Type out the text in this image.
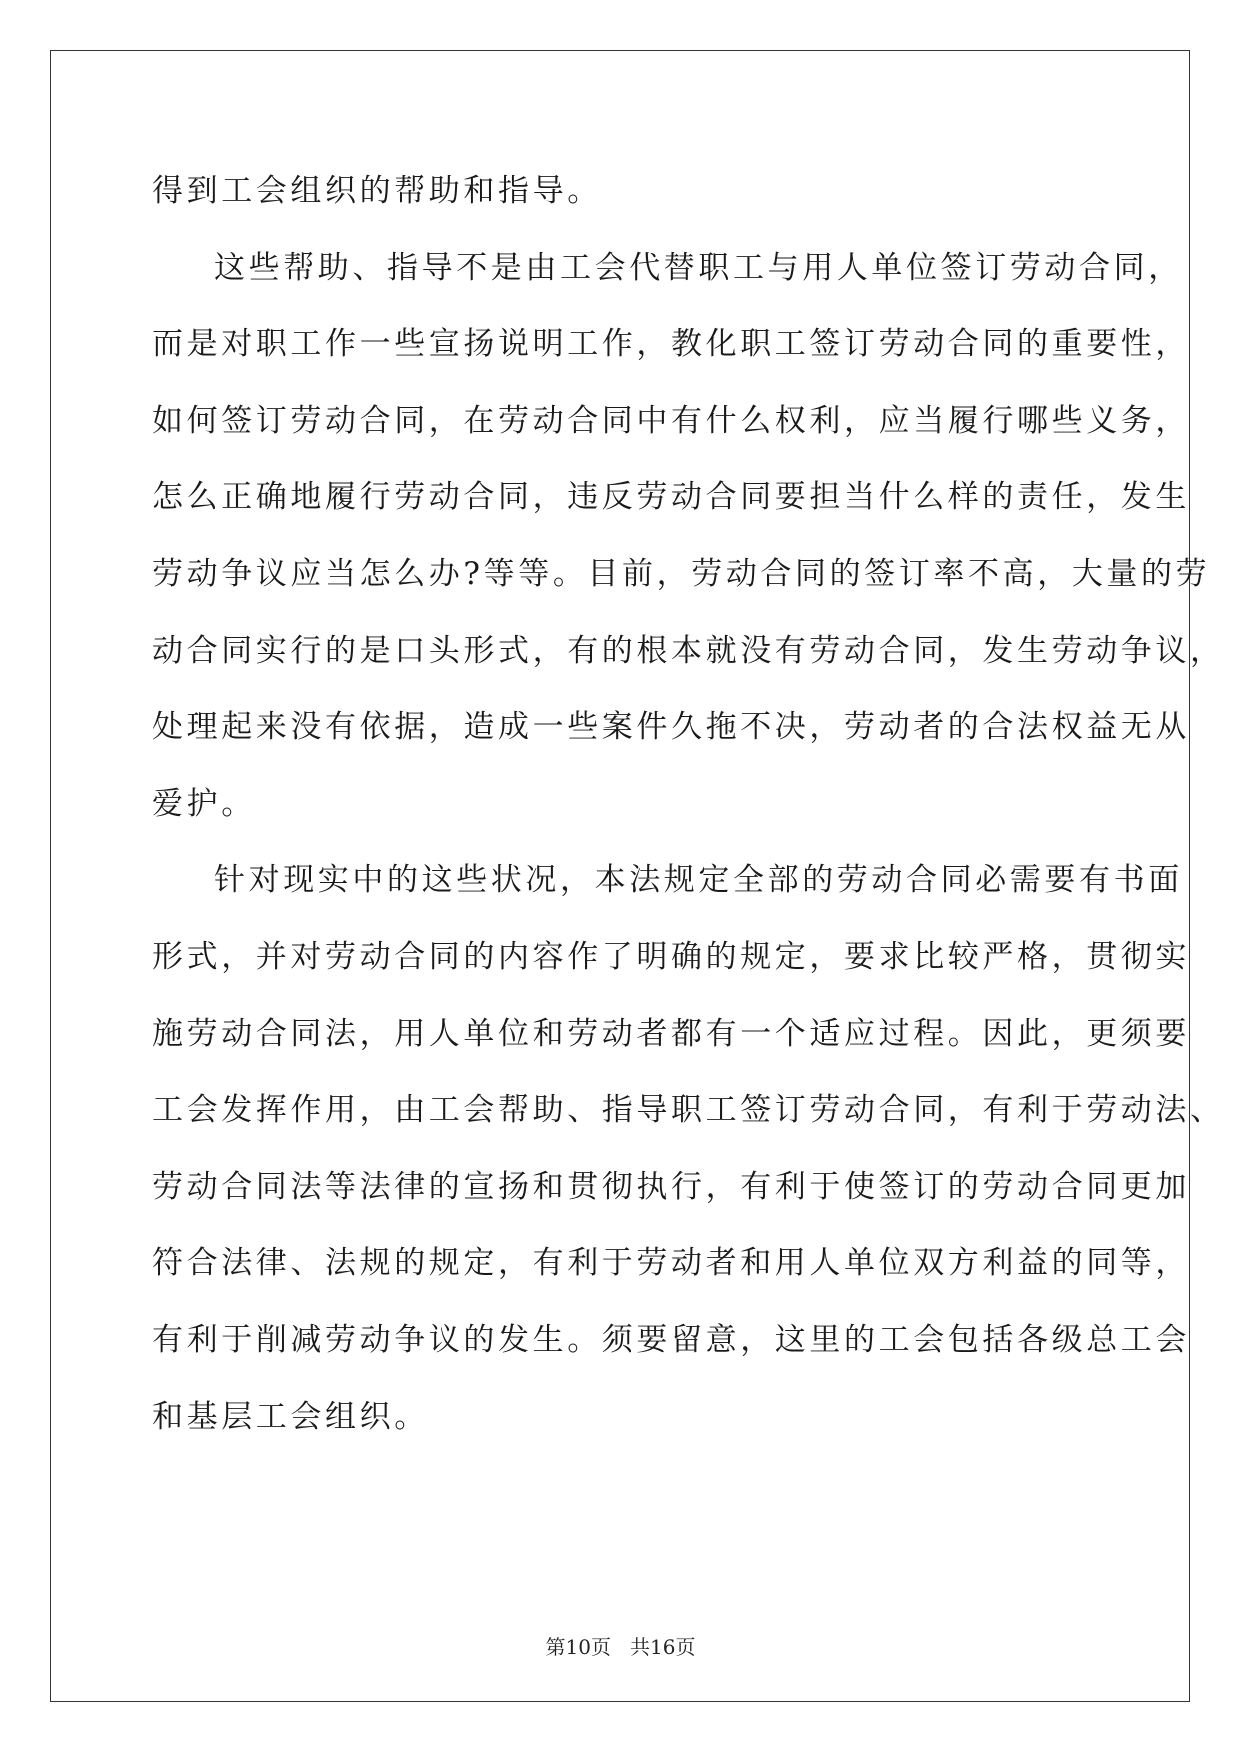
得到工会组织的帮助和指导。
这些帮助、指导不是由工会代替职工与用人单位签订劳动合同，
而是对职工作一些宣扬说明工作，教化职工签订劳动合同的重要性，
如何签订劳动合同，在劳动合同中有什么权利，应当履行哪些义务，
怎么正确地履行劳动合同，违反劳动合同要担当什么样的责任，发生
劳动争议应当怎么办?等等。目前，劳动合同的签订率不高，大量的劳
动合同实行的是口头形式，有的根本就没有劳动合同，发生劳动争议，
处理起来没有依据，造成一些案件久拖不决，劳动者的合法权益无从
爱护。
针对现实中的这些状况，本法规定全部的劳动合同必需要有书面
形式，并对劳动合同的内容作了明确的规定，要求比较严格，贯彻实
施劳动合同法，用人单位和劳动者都有一个适应过程。因此，更须要
工会发挥作用，由工会帮助、指导职工签订劳动合同，有利于劳动法、
劳动合同法等法律的宣扬和贯彻执行，有利于使签订的劳动合同更加
符合法律、法规的规定，有利于劳动者和用人单位双方利益的同等，
有利于削减劳动争议的发生。须要留意，这里的工会包括各级总工会
和基层工会组织。
第10页 共16页
